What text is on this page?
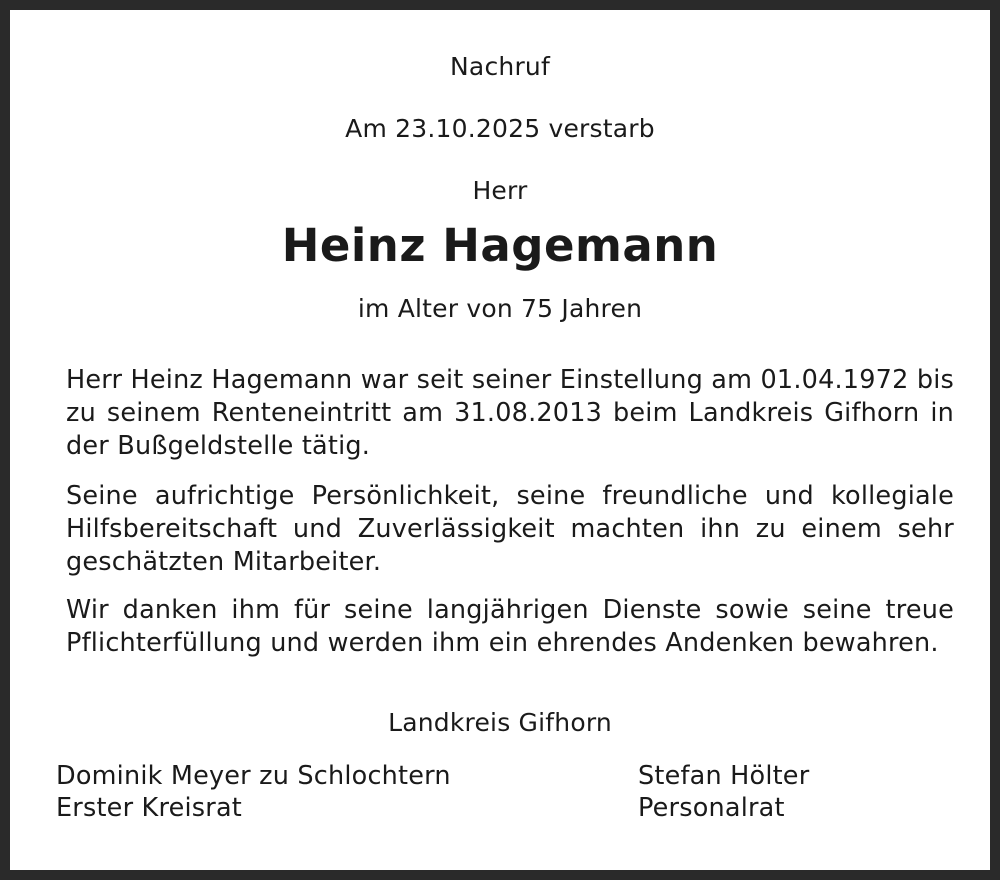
Nachruf
Am 23.10.2025 verstarb
Herr
Heinz Hagemann
im Alter von 75 Jahren
Herr Heinz Hagemann war seit seiner Einstellung am 01.04.1972 bis zu seinem Renteneintritt am 31.08.2013 beim Landkreis Gifhorn in der Bußgeldstelle tätig.
Seine aufrichtige Persönlichkeit, seine freundliche und kollegiale Hilfsbereitschaft und Zuverlässigkeit machten ihn zu einem sehr geschätzten Mitarbeiter.
Wir danken ihm für seine langjährigen Dienste sowie seine treue Pflichterfüllung und werden ihm ein ehrendes Andenken bewahren.
Landkreis Gifhorn
Dominik Meyer zu Schlochtern
Erster Kreisrat
Stefan Hölter
Personalrat
